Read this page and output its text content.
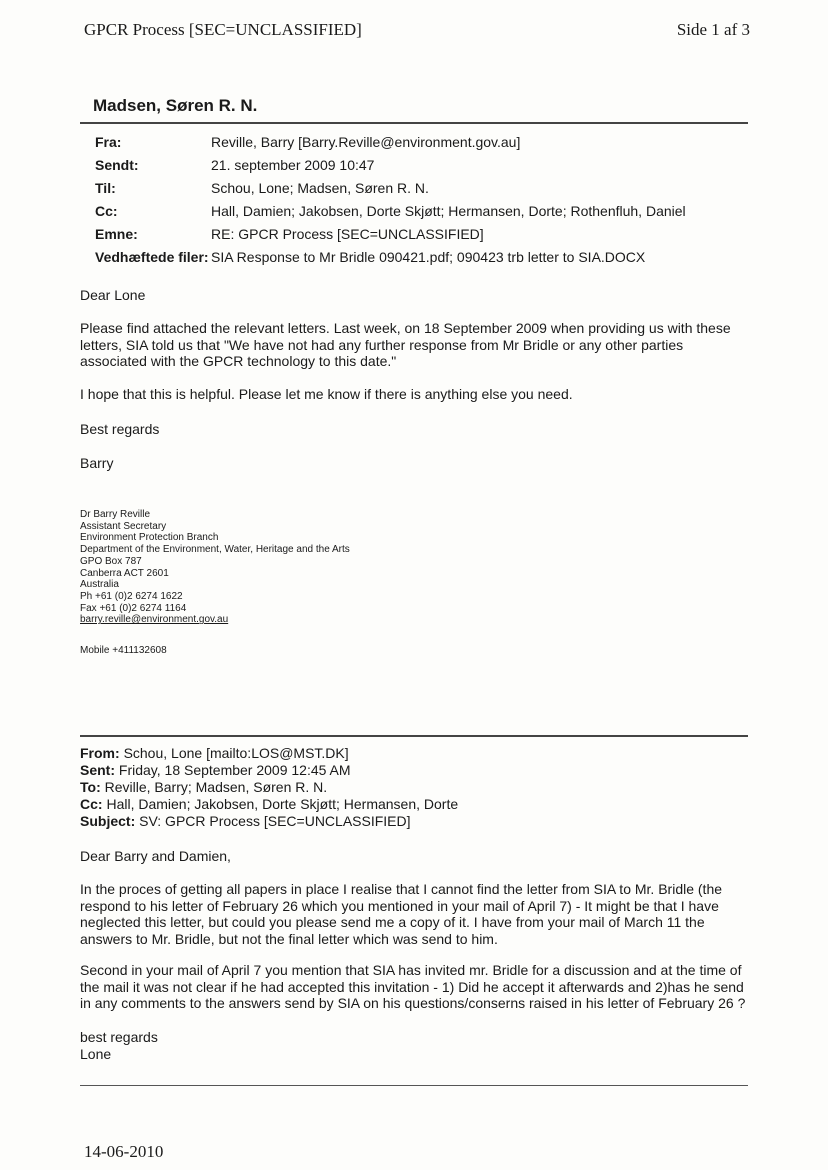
GPCR Process [SEC=UNCLASSIFIED]	Side 1 af 3
Madsen, Søren R. N.
Fra:	Reville, Barry [Barry.Reville@environment.gov.au]
Sendt:	21. september 2009 10:47
Til:	Schou, Lone; Madsen, Søren R. N.
Cc:	Hall, Damien; Jakobsen, Dorte Skjøtt; Hermansen, Dorte; Rothenfluh, Daniel
Emne:	RE: GPCR Process [SEC=UNCLASSIFIED]
Vedhæftede filer: SIA Response to Mr Bridle 090421.pdf; 090423 trb letter to SIA.DOCX
Dear Lone
Please find attached the relevant letters. Last week, on 18 September 2009 when providing us with these letters, SIA told us that "We have not had any further response from Mr Bridle or any other parties associated with the GPCR technology to this date."
I hope that this is helpful. Please let me know if there is anything else you need.
Best regards
Barry
Dr Barry Reville
Assistant Secretary
Environment Protection Branch
Department of the Environment, Water, Heritage and the Arts
GPO Box 787
Canberra ACT 2601
Australia
Ph +61 (0)2 6274 1622
Fax +61 (0)2 6274 1164
barry.reville@environment.gov.au
Mobile +411132608
From: Schou, Lone [mailto:LOS@MST.DK]
Sent: Friday, 18 September 2009 12:45 AM
To: Reville, Barry; Madsen, Søren R. N.
Cc: Hall, Damien; Jakobsen, Dorte Skjøtt; Hermansen, Dorte
Subject: SV: GPCR Process [SEC=UNCLASSIFIED]
Dear Barry and Damien,
In the proces of getting all papers in place I realise that I cannot find the letter from SIA to Mr. Bridle (the respond to his letter of February 26 which you mentioned in your mail of April 7) - It might be that I have neglected this letter, but could you please send me a copy of it. I have from your mail of March 11 the answers to Mr. Bridle, but not the final letter which was send to him.
Second in your mail of April 7 you mention that SIA has invited mr. Bridle for a discussion and at the time of the mail it was not clear if he had accepted this invitation - 1) Did he accept it afterwards and 2)has he send in any comments to the answers send by SIA on his questions/conserns raised in his letter of February 26 ?
best regards
Lone
14-06-2010
